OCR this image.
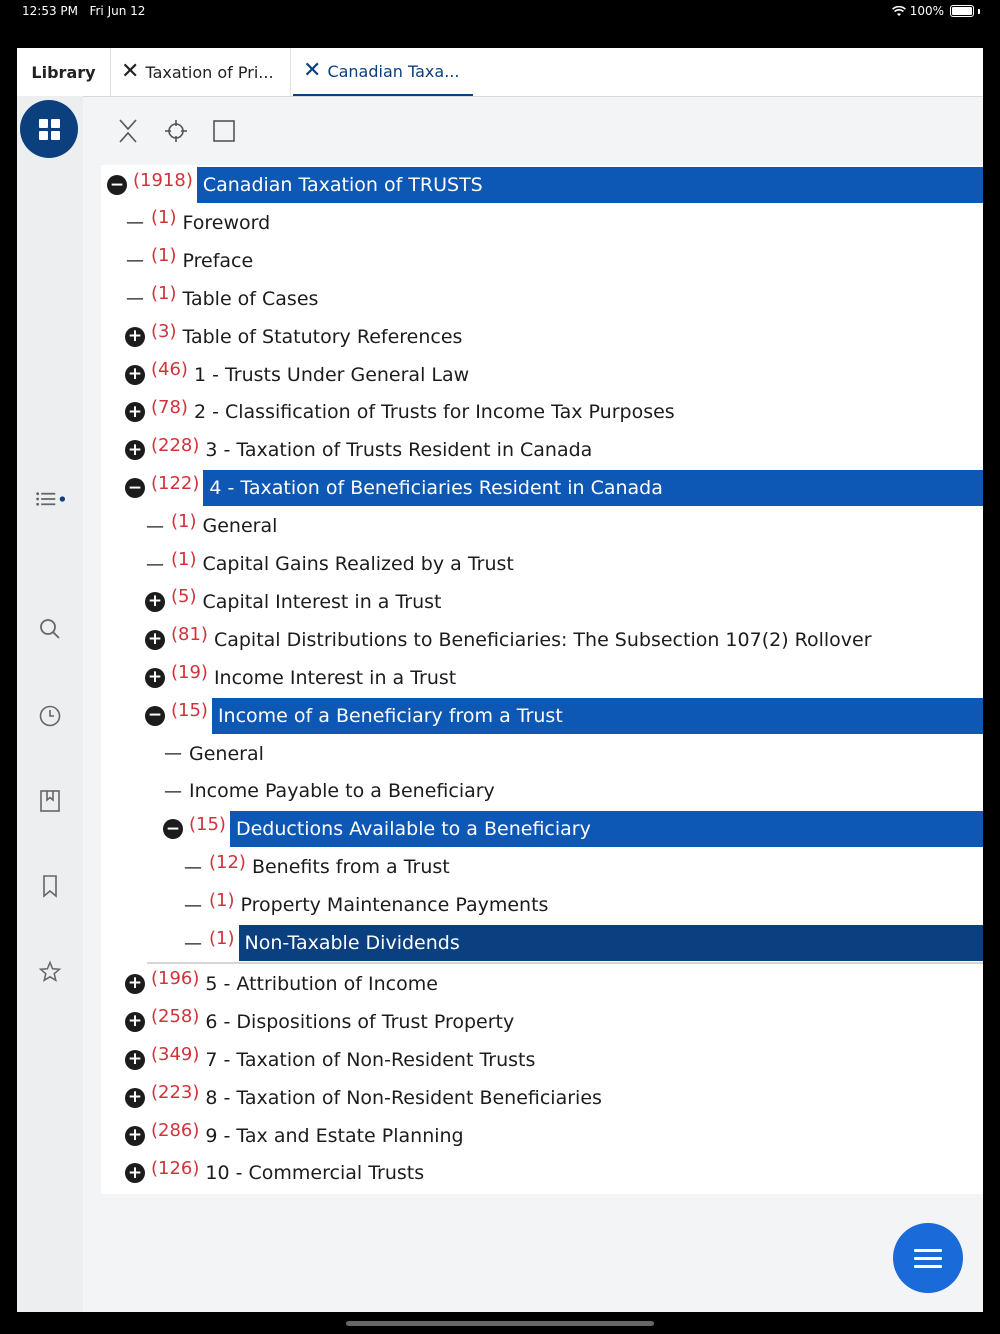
12:53 PM Fri Jun 12	100%
Library ✕ Taxation of Pri... ✕ Canadian Taxa...
− (1918) Canadian Taxation of TRUSTS
— (1) Foreword
— (1) Preface
— (1) Table of Cases
+ (3) Table of Statutory References
+ (46) 1 - Trusts Under General Law
+ (78) 2 - Classification of Trusts for Income Tax Purposes
+ (228) 3 - Taxation of Trusts Resident in Canada
− (122) 4 - Taxation of Beneficiaries Resident in Canada
— (1) General
— (1) Capital Gains Realized by a Trust
+ (5) Capital Interest in a Trust
+ (81) Capital Distributions to Beneficiaries: The Subsection 107(2) Rollover
+ (19) Income Interest in a Trust
− (15) Income of a Beneficiary from a Trust
— General
— Income Payable to a Beneficiary
− (15) Deductions Available to a Beneficiary
— (12) Benefits from a Trust
— (1) Property Maintenance Payments
— (1) Non-Taxable Dividends
+ (196) 5 - Attribution of Income
+ (258) 6 - Dispositions of Trust Property
+ (349) 7 - Taxation of Non-Resident Trusts
+ (223) 8 - Taxation of Non-Resident Beneficiaries
+ (286) 9 - Tax and Estate Planning
+ (126) 10 - Commercial Trusts
